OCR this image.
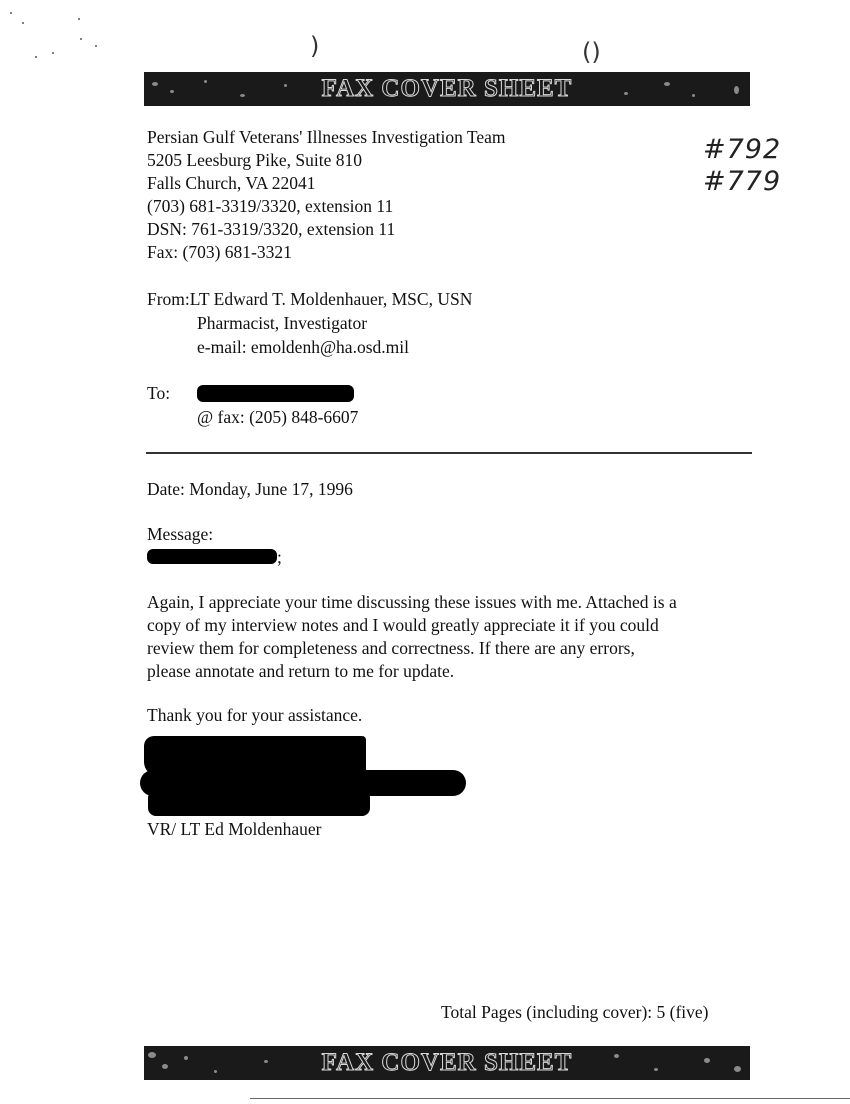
)	(​)
FAX COVER SHEET
Persian Gulf Veterans' Illnesses Investigation Team
5205 Leesburg Pike, Suite 810
Falls Church, VA 22041
(703) 681-3319/3320, extension 11
DSN: 761-3319/3320, extension 11
Fax: (703) 681-3321
#792
#779
From:LT Edward T. Moldenhauer, MSC, USN
Pharmacist, Investigator
e-mail: emoldenh@ha.osd.mil
To:
@ fax: (205) 848-6607
Date: Monday, June 17, 1996
Message:
;
Again, I appreciate your time discussing these issues with me. Attached is a
copy of my interview notes and I would greatly appreciate it if you could
review them for completeness and correctness. If there are any errors,
please annotate and return to me for update.
Thank you for your assistance.
VR/ LT Ed Moldenhauer
Total Pages (including cover): 5 (five)
FAX COVER SHEET
